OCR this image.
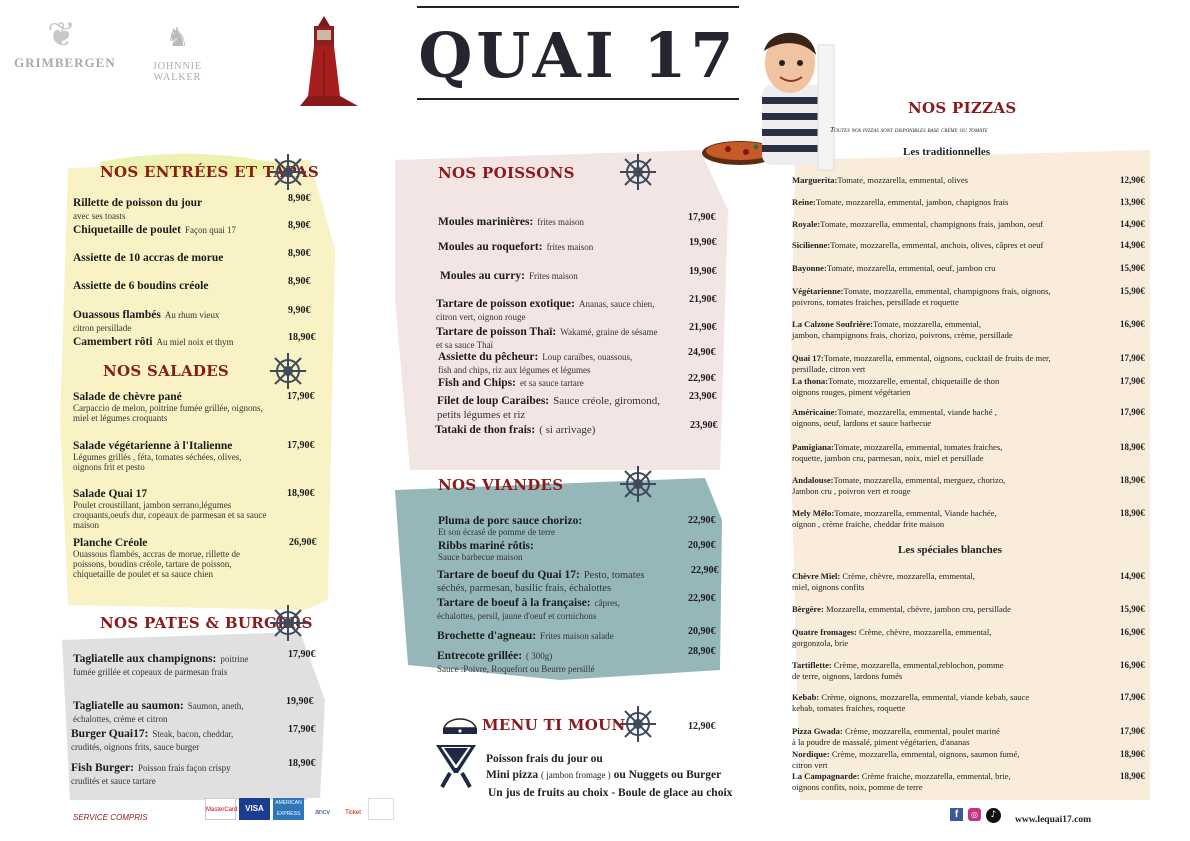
❦
GRIMBERGEN
♞
JOHNNIE WALKER	QUAI 17
NOS ENTRÉES ET TAPAS
Rillette de poisson du jour
avec ses toasts
8,90€
Chiquetaille de poulet Façon quai 17	8,90€
Assiette de 10 accras de morue	8,90€
Assiette de 6 boudins créole	8,90€
Ouassous flambés Au rhum vieux
citron persillade
9,90€
Camembert rôti Au miel noix et thym	18,90€
NOS SALADES
Salade de chèvre pané
Carpaccio de melon, poitrine fumée grillée, oignons, miel et légumes croquants
17,90€
Salade végétarienne à l'Italienne
Légumes grillés , féta, tomates séchées, olives, oignons frit et pesto
17,90€
Salade Quai 17
Poulet croustillant, jambon serrano,légumes croquants,oeufs dur, copeaux de parmesan et sa sauce maison
18,90€
Planche Créole
Ouassous flambés, accras de morue, rillette de poissons, boudins créole, tartare de poisson, chiquetaille de poulet et sa sauce chien
26,90€
NOS PATES & BURGERS
Tagliatelle aux champignons: poitrine
fumée grillée et copeaux de parmesan frais
17,90€
Tagliatelle au saumon: Saumon, aneth,
échalottes, crème et citron
19,90€
Burger Quai17: Steak, bacon, cheddar,
crudités, oignons frits, sauce burger
17,90€
Fish Burger: Poisson frais façon crispy
crudités et sauce tartare
18,90€
SERVICE COMPRIS
MasterCard VISA
AMERICAN EXPRESS	ancv	Ticket
NOS POISSONS
Moules marinières: frites maison	17,90€
Moules au roquefort: frites maison	19,90€
Moules au curry: Frites maison	19,90€
Tartare de poisson exotique: Ananas, sauce chien,
citron vert, oignon rouge
21,90€
Tartare de poisson Thaï: Wakamé, graine de sésame
et sa sauce Thaï
21,90€
Assiette du pêcheur: Loup caraïbes, ouassous,
fish and chips, riz aux légumes et légumes
24,90€
Fish and Chips: et sa sauce tartare	22,90€
Filet de loup Caraibes: Sauce créole, giromond,
petits légumes et riz
23,90€
Tataki de thon frais: ( si arrivage)	23,90€
NOS VIANDES
Pluma de porc sauce chorizo:
Et son écrasé de pomme de terre
22,90€
Ribbs mariné rôtis:
Sauce barbecue maison
20,90€
Tartare de boeuf du Quai 17: Pesto, tomates
séchés, parmesan, basilic frais, échalottes
22,90€
Tartare de boeuf à la française: câpres,
échalottes, persil, jaune d'oeuf et cornichons
22,90€
Brochette d'agneau: Frites maison salade	20,90€
Entrecote grillée: ( 300g)
Sauce :Poivre, Roquefort ou Beurre persillé
28,90€
MENU TI MOUN	12,90€
Poisson frais du jour ou
Mini pizza ( jambon fromage ) ou Nuggets ou Burger
Un jus de fruits au choix - Boule de glace au choix
NOS PIZZAS
Toutes nos pizzas sont disponibles base crème ou tomate
Les traditionnelles
Marguerita:Tomate, mozzarella, emmental, olives	12,90€
Reine:Tomate, mozzarella, emmental, jambon, chapignos frais	13,90€
Royale:Tomate, mozzarella, emmental, champignons frais, jambon, oeuf	14,90€
Sicilienne:Tomate, mozzarella, emmental, anchois, olives, câpres et oeuf	14,90€
Bayonne:Tomate, mozzarella, emmental, oeuf, jambon cru	15,90€
Végétarienne:Tomate, mozzarella, emmental, champignons frais, oignons,
poivrons, tomates fraiches, persillade et roquette
15,90€
La Calzone Soufrière:Tomate, mozzarella, emmental,
jambon, champignons frais, chorizo, poivrons, crème, persillade
16,90€
Quai 17:Tomate, mozzarella, emmental, oignons, cocktail de fruits de mer,
persillade, citron vert
17,90€
La thona:Tomate, mozzarelle, emental, chiquetaille de thon
oignons rouges, piment végétarien
17,90€
Américaine:Tomate, mozzarella, emmental, viande haché ,
oignons, oeuf, lardons et sauce barbecue
17,90€
Pamigiana:Tomate, mozzarella, emmental, tomates fraiches,
roquette, jambon cru, parmesan, noix, miel et persillade
18,90€
Andalouse:Tomate, mozzarella, emmental, merguez, chorizo,
Jambon cru , poivron vert et rouge
18,90€
Mely Mélo:Tomate, mozzarella, emmental, Viande hachée,
oignon , crème fraiche, cheddar frite maison
18,90€
Chèvre Miel: Crème, chèvre, mozzarella, emmental,
miel, oignons confits
14,90€
Bèrgère: Mozzarella, emmental, chèvre, jambon cru, persillade	15,90€
Quatre fromages: Crème, chèvre, mozzarella, emmental,
gorgonzola, brie
16,90€
Tartiflette: Crème, mozzarella, emmental,reblochon, pomme
de terre, oignons, lardons fumés
16,90€
Kebab: Crème, oignons, mozzarella, emmental, viande kebab, sauce
kebab, tomates fraiches, roquette
17,90€
Pizza Gwada: Crème, mozzarella, emmental, poulet mariné
à la poudre de massalé, piment végétarien, d'ananas
17,90€
Nordique: Crème, mozzarella, emmental, oignons, saumon fumé,
citron vert
18,90€
La Campagnarde: Crème fraiche, mozzarella, emmental, brie,
oignons confits, noix, pomme de terre
18,90€
Les spéciales blanches
f	◎	♪	www.lequai17.com
